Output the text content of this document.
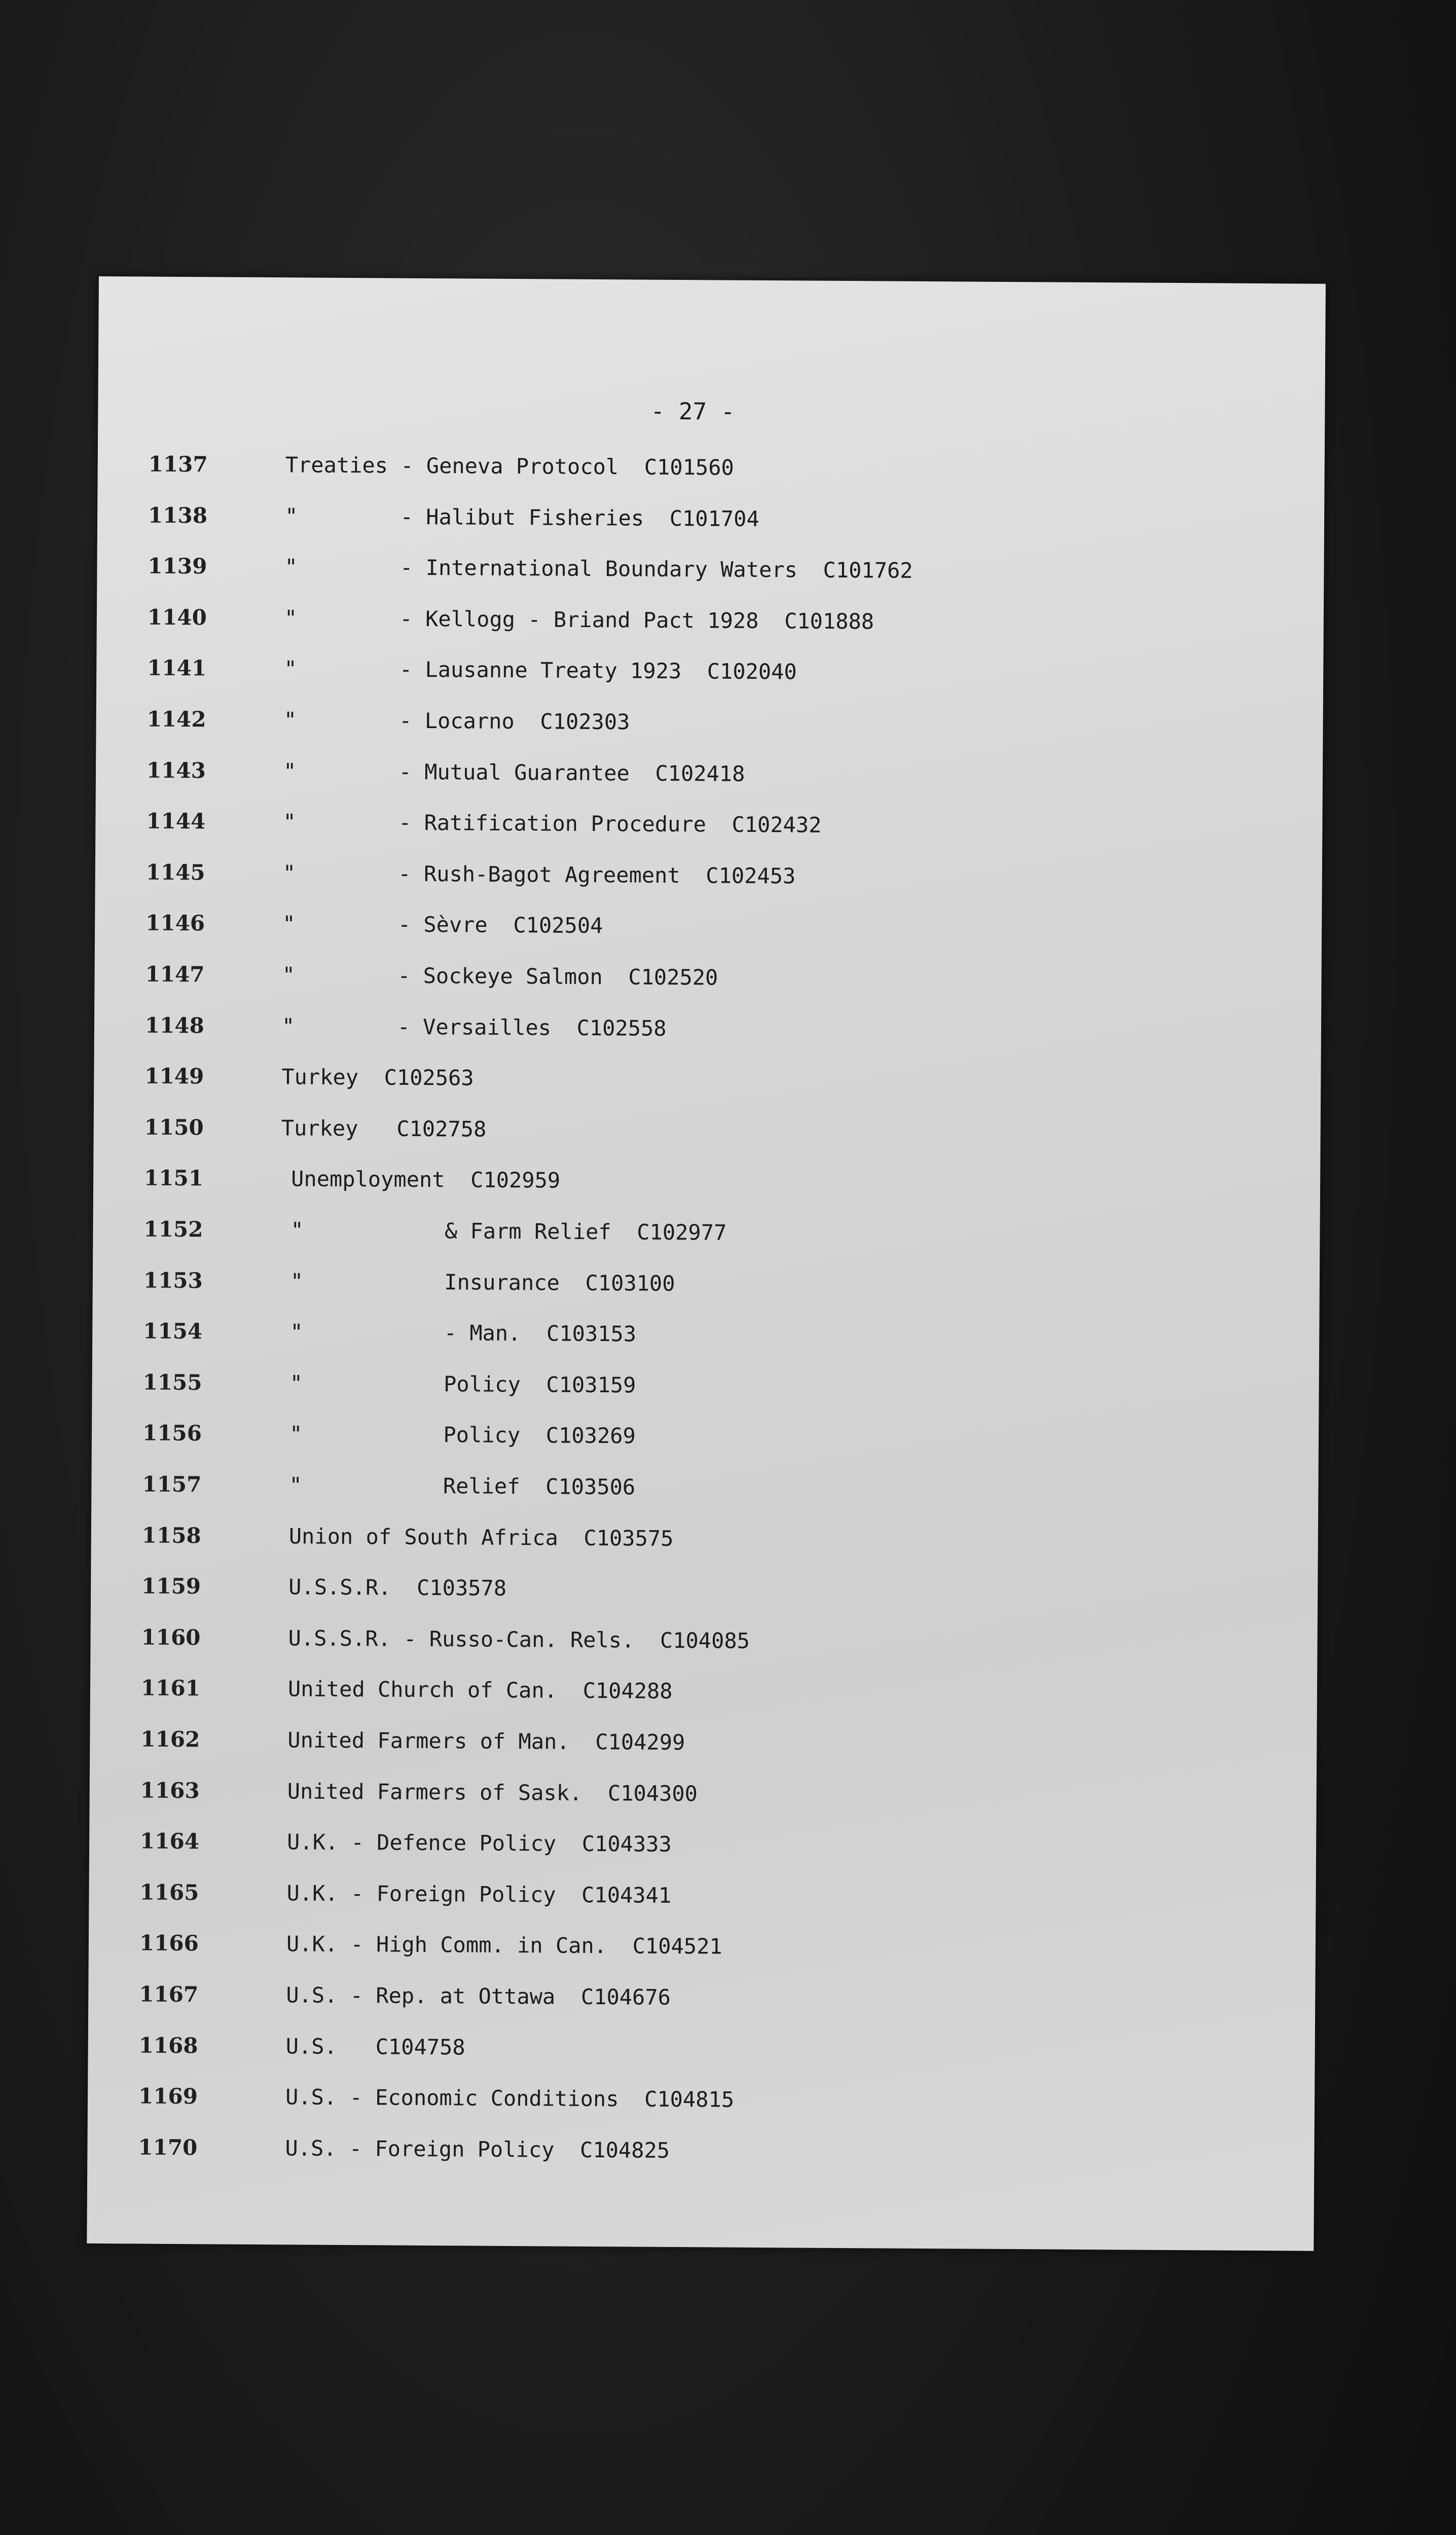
- 27 -
1137	Treaties - Geneva Protocol  C101560
1138	"        - Halibut Fisheries  C101704
1139	"        - International Boundary Waters  C101762
1140	"        - Kellogg - Briand Pact 1928  C101888
1141	"        - Lausanne Treaty 1923  C102040
1142	"        - Locarno  C102303
1143	"        - Mutual Guarantee  C102418
1144	"        - Ratification Procedure  C102432
1145	"        - Rush-Bagot Agreement  C102453
1146	"        - Sèvre  C102504
1147	"        - Sockeye Salmon  C102520
1148	"        - Versailles  C102558
1149	Turkey  C102563
1150	Turkey   C102758
1151	Unemployment  C102959
1152	"           & Farm Relief  C102977
1153	"           Insurance  C103100
1154	"           - Man.  C103153
1155	"           Policy  C103159
1156	"           Policy  C103269
1157	"           Relief  C103506
1158	Union of South Africa  C103575
1159	U.S.S.R.  C103578
1160	U.S.S.R. - Russo-Can. Rels.  C104085
1161	United Church of Can.  C104288
1162	United Farmers of Man.  C104299
1163	United Farmers of Sask.  C104300
1164	U.K. - Defence Policy  C104333
1165	U.K. - Foreign Policy  C104341
1166	U.K. - High Comm. in Can.  C104521
1167	U.S. - Rep. at Ottawa  C104676
1168	U.S.   C104758
1169	U.S. - Economic Conditions  C104815
1170	U.S. - Foreign Policy  C104825
